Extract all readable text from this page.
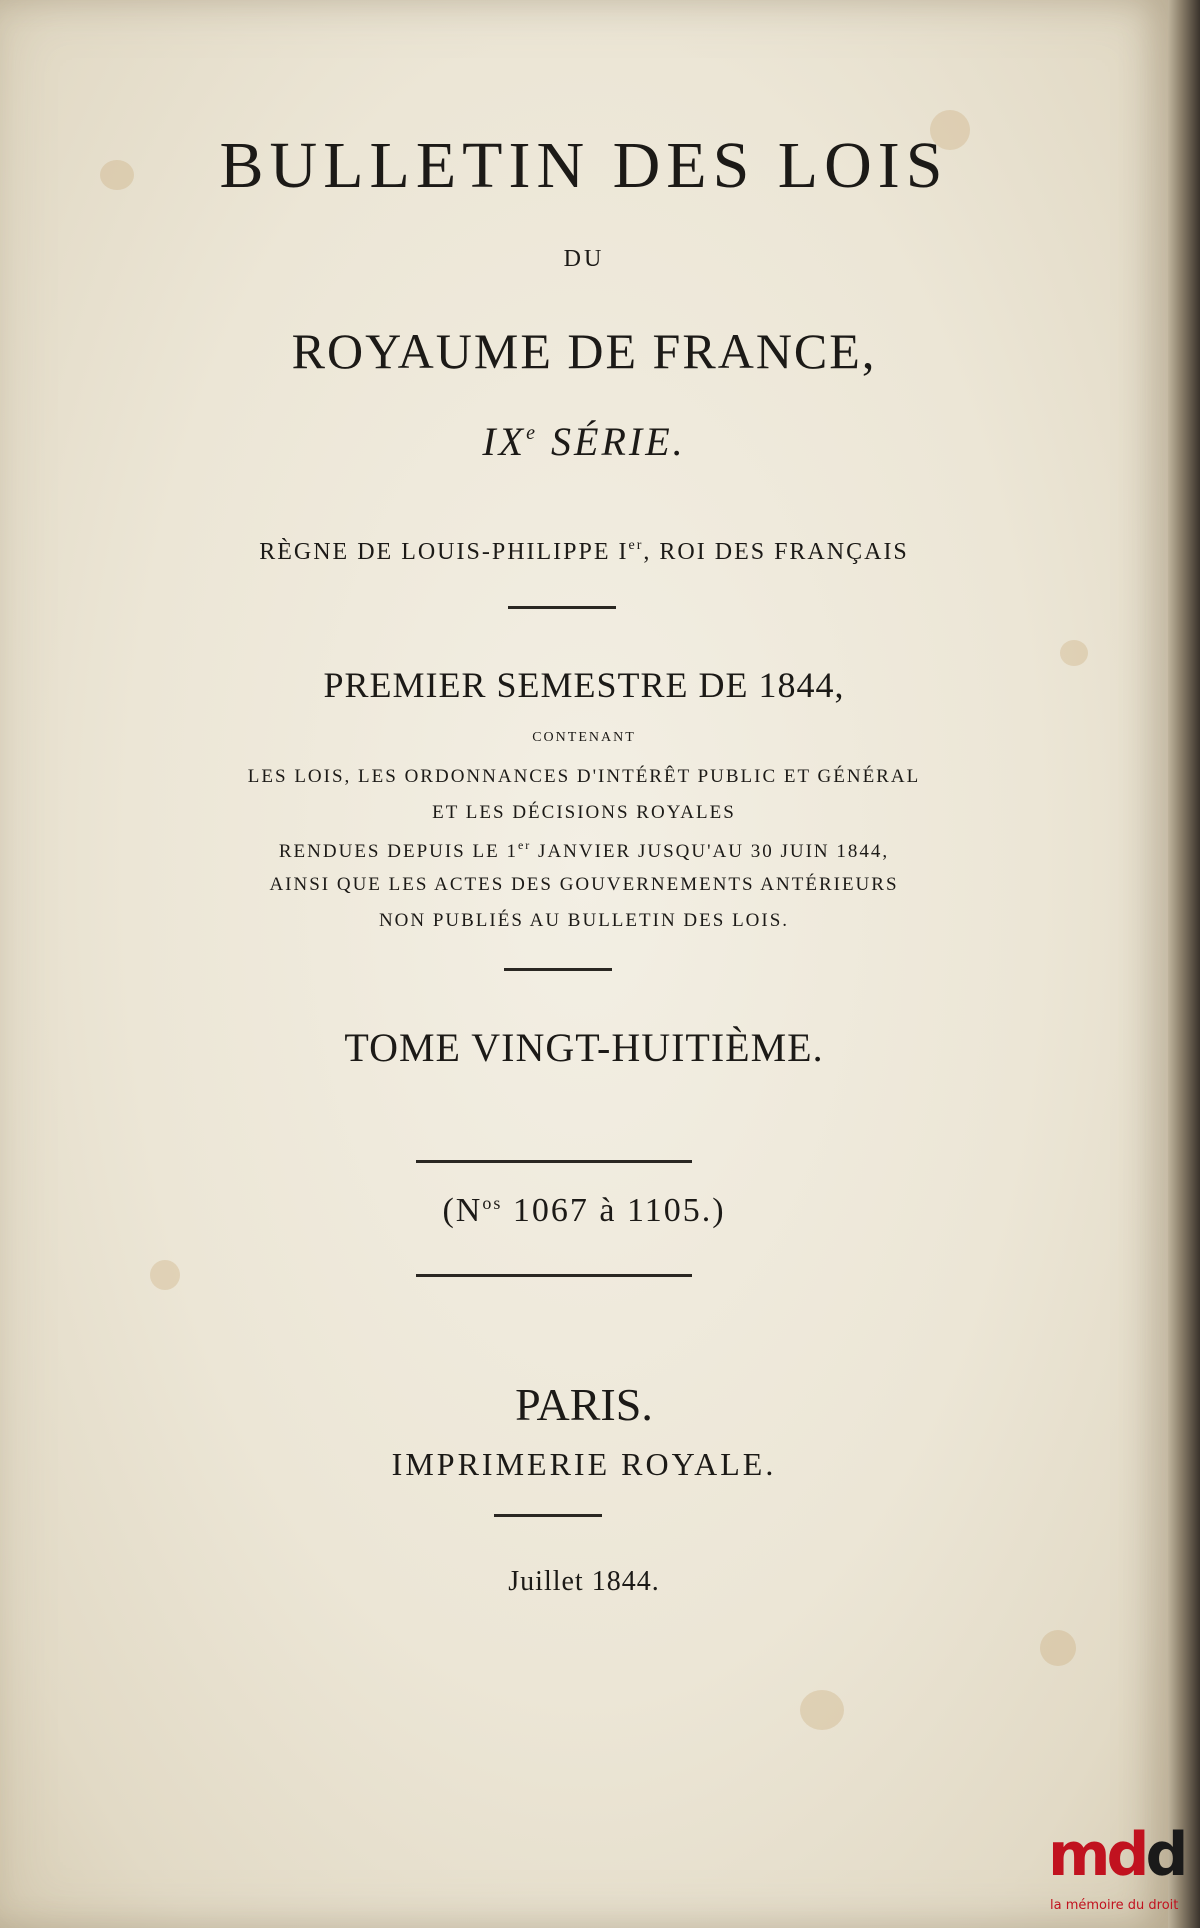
BULLETIN DES LOIS
DU
ROYAUME DE FRANCE,
IXe SÉRIE.
RÈGNE DE LOUIS-PHILIPPE Ier, ROI DES FRANÇAIS
PREMIER SEMESTRE DE 1844,
CONTENANT
LES LOIS, LES ORDONNANCES D'INTÉRÊT PUBLIC ET GÉNÉRAL
ET LES DÉCISIONS ROYALES
RENDUES DEPUIS LE 1er JANVIER JUSQU'AU 30 JUIN 1844,
AINSI QUE LES ACTES DES GOUVERNEMENTS ANTÉRIEURS
NON PUBLIÉS AU BULLETIN DES LOIS.
TOME VINGT-HUITIÈME.
($N^{os}$ 1067 à 1105.)
PARIS.
IMPRIMERIE ROYALE.
Juillet 1844.
mdd
la mémoire du droit
